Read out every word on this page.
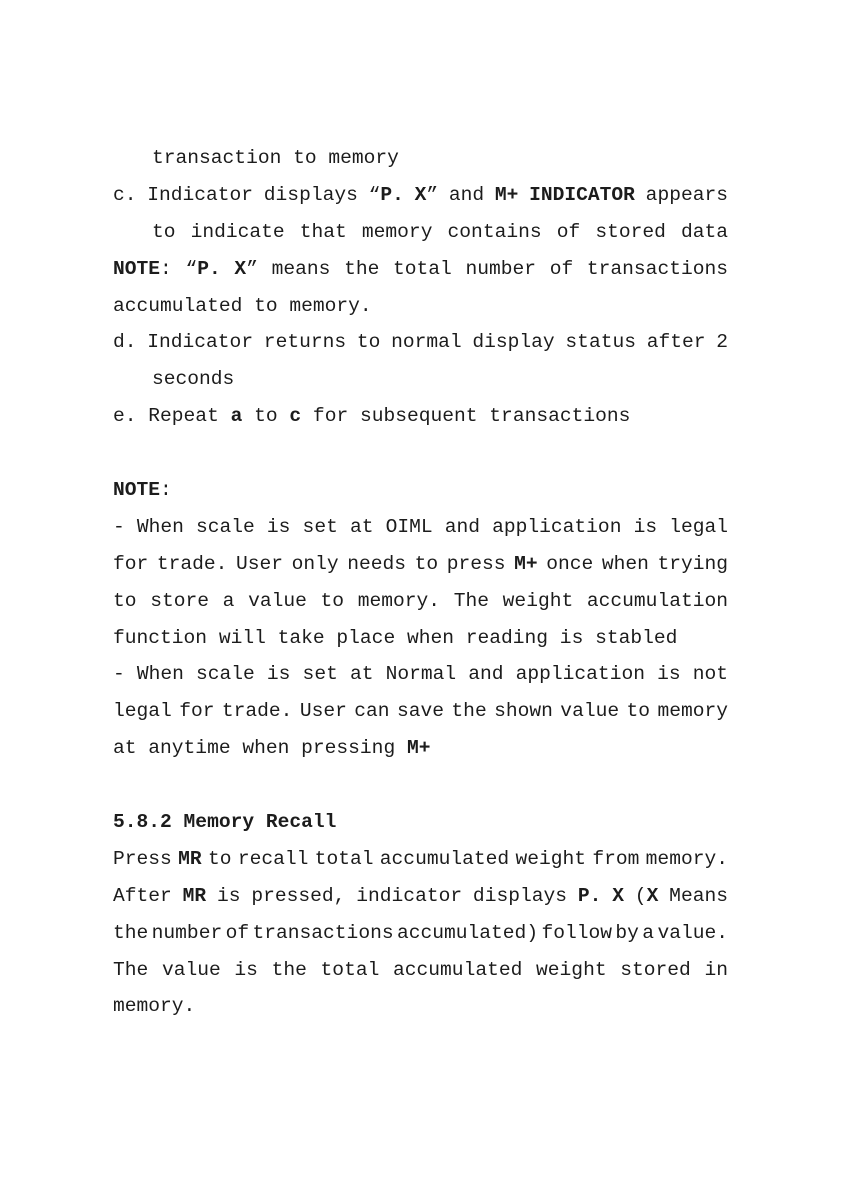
transaction to memory
c. Indicator displays “P. X” and M+ INDICATOR appears
to indicate that memory contains of stored data
NOTE: “P. X” means the total number of transactions
accumulated to memory.
d. Indicator returns to normal display status after 2
seconds
e. Repeat a to c for subsequent transactions

NOTE:
- When scale is set at OIML and application is legal
for trade. User only needs to press M+ once when trying
to store a value to memory. The weight accumulation
function will take place when reading is stabled
- When scale is set at Normal and application is not
legal for trade. User can save the shown value to memory
at anytime when pressing M+

5.8.2 Memory Recall
Press MR to recall total accumulated weight from memory.
After MR is pressed, indicator displays P. X (X Means
the number of transactions accumulated) follow by a value.
The value is the total accumulated weight stored in
memory.
